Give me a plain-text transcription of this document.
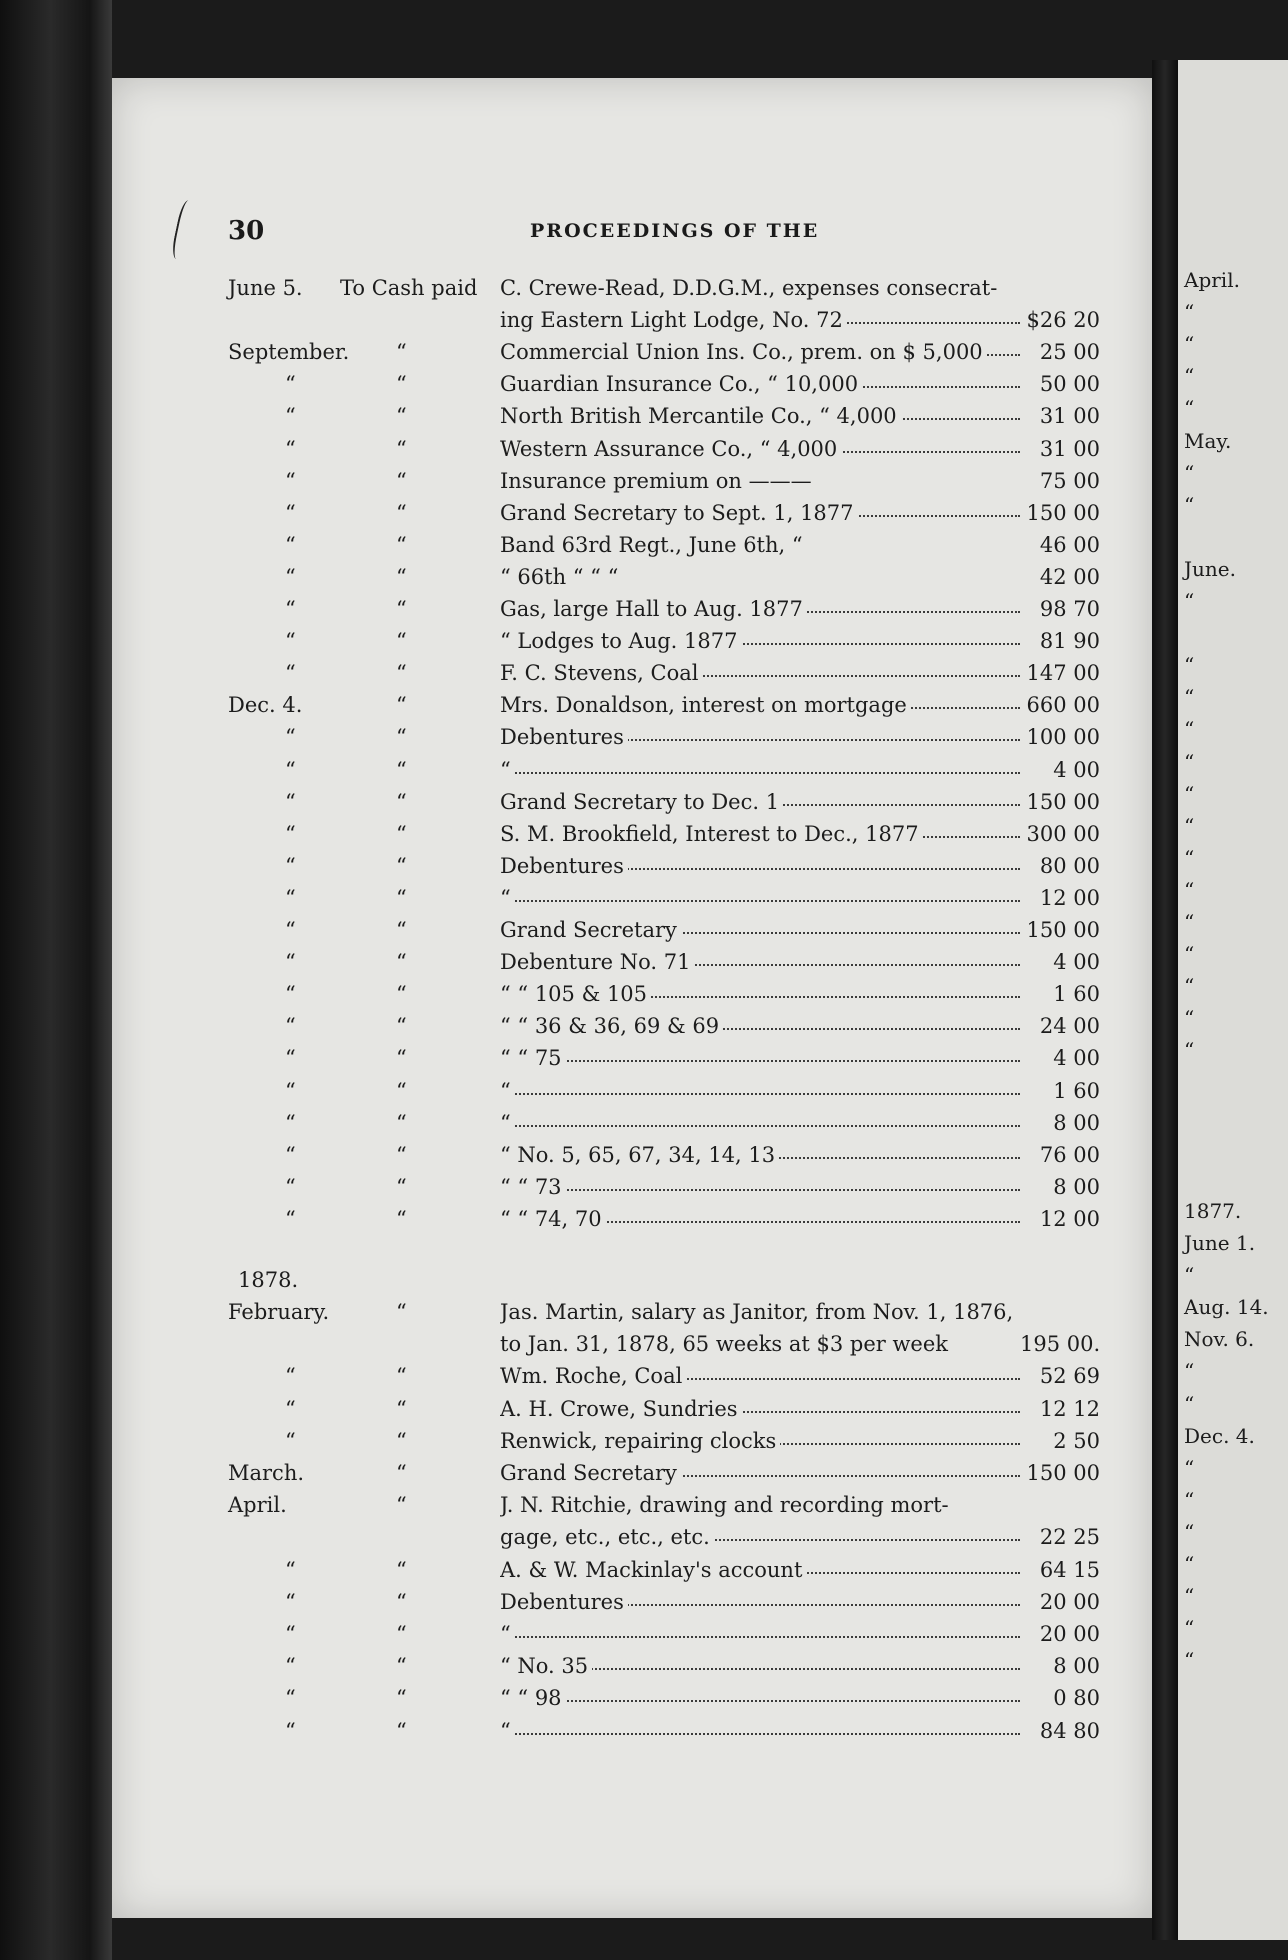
April.
“
“
“
“
May.
“
“
June.
“
“
“
“
“
“
“
“
“
“
“
“
“
“
1877.
June 1.
“
Aug. 14.
Nov. 6.
“
“
Dec. 4.
“
“
“
“
“
“
“
30	PROCEEDINGS OF THE
June 5. To Cash paid C. Crewe-Read, D.D.G.M., expenses consecrat-
ing Eastern Light Lodge, No. 72	$26 20
September. “	Commercial Union Ins. Co., prem. on $ 5,000	25 00
“	“	Guardian Insurance Co., “ 10,000	50 00
“	“	North British Mercantile Co., “ 4,000	31 00
“	“	Western Assurance Co., “ 4,000	31 00
“	“	Insurance premium on ———	75 00
“	“	Grand Secretary to Sept. 1, 1877	150 00
“	“	Band 63rd Regt., June 6th, “	46 00
“	“	“ 66th “ “ “	42 00
“	“	Gas, large Hall to Aug. 1877	98 70
“	“	“ Lodges to Aug. 1877	81 90
“	“	F. C. Stevens, Coal	147 00
Dec. 4.	“	Mrs. Donaldson, interest on mortgage	660 00
“	“	Debentures	100 00
“	“	“	4 00
“	“	Grand Secretary to Dec. 1	150 00
“	“	S. M. Brookfield, Interest to Dec., 1877	300 00
“	“	Debentures	80 00
“	“	“	12 00
“	“	Grand Secretary	150 00
“	“	Debenture No. 71	4 00
“	“	“ “ 105 & 105	1 60
“	“	“ “ 36 & 36, 69 & 69	24 00
“	“	“ “ 75	4 00
“	“	“	1 60
“	“	“	8 00
“	“	“ No. 5, 65, 67, 34, 14, 13	76 00
“	“	“ “ 73	8 00
“	“	“ “ 74, 70	12 00
1878.
February.	“	Jas. Martin, salary as Janitor, from Nov. 1, 1876,
to Jan. 31, 1878, 65 weeks at $3 per week	195 00.
“	“	Wm. Roche, Coal	52 69
“	“	A. H. Crowe, Sundries	12 12
“	“	Renwick, repairing clocks	2 50
March.	“	Grand Secretary	150 00
April.	“	J. N. Ritchie, drawing and recording mort-
gage, etc., etc., etc.	22 25
“	“	A. & W. Mackinlay's account	64 15
“	“	Debentures	20 00
“	“	“	20 00
“	“	“ No. 35	8 00
“	“	“ “ 98	0 80
“	“	“	84 80
